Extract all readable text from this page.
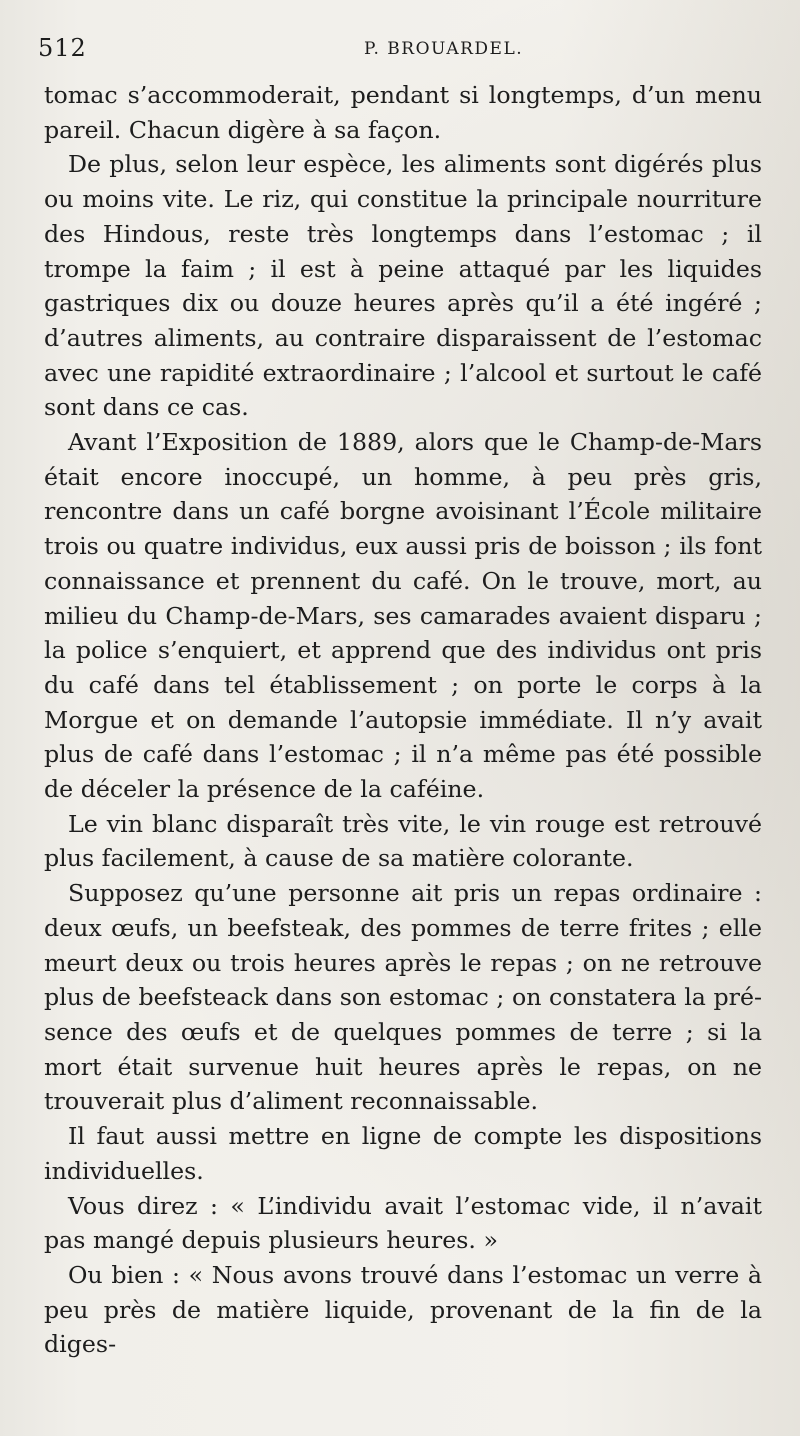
512	P. BROUARDEL.

tomac s’accommoderait, pendant si longtemps, d’un menu pareil. Chacun digère à sa façon.

De plus, selon leur espèce, les aliments sont digérés plus ou moins vite. Le riz, qui constitue la principale nourriture des Hindous, reste très longtemps dans l’estomac ; il trompe la faim ; il est à peine attaqué par les liquides gastriques dix ou douze heures après qu’il a été ingéré ; d’autres aliments, au contraire disparaissent de l’estomac avec une rapidité extraordinaire ; l’alcool et surtout le café sont dans ce cas.

Avant l’Exposition de 1889, alors que le Champ-de-Mars était encore inoccupé, un homme, à peu près gris, rencontre dans un café borgne avoisinant l’École militaire trois ou quatre individus, eux aussi pris de boisson ; ils font connaissance et prennent du café. On le trouve, mort, au milieu du Champ-de-Mars, ses camarades avaient disparu ; la police s’enquiert, et apprend que des individus ont pris du café dans tel établissement ; on porte le corps à la Morgue et on demande l’autopsie immédiate. Il n’y avait plus de café dans l’estomac ; il n’a même pas été possible de déceler la présence de la caféine.

Le vin blanc disparaît très vite, le vin rouge est retrouvé plus facilement, à cause de sa matière colorante.

Supposez qu’une personne ait pris un repas ordinaire : deux œufs, un beefsteak, des pommes de terre frites ; elle meurt deux ou trois heures après le repas ; on ne retrouve plus de beefsteack dans son estomac ; on constatera la présence des œufs et de quelques pommes de terre ; si la mort était survenue huit heures après le repas, on ne trouverait plus d’aliment reconnaissable.

Il faut aussi mettre en ligne de compte les dispositions individuelles.

Vous direz : « L’individu avait l’estomac vide, il n’avait pas mangé depuis plusieurs heures. »

Ou bien : « Nous avons trouvé dans l’estomac un verre à peu près de matière liquide, provenant de la fin de la diges-
